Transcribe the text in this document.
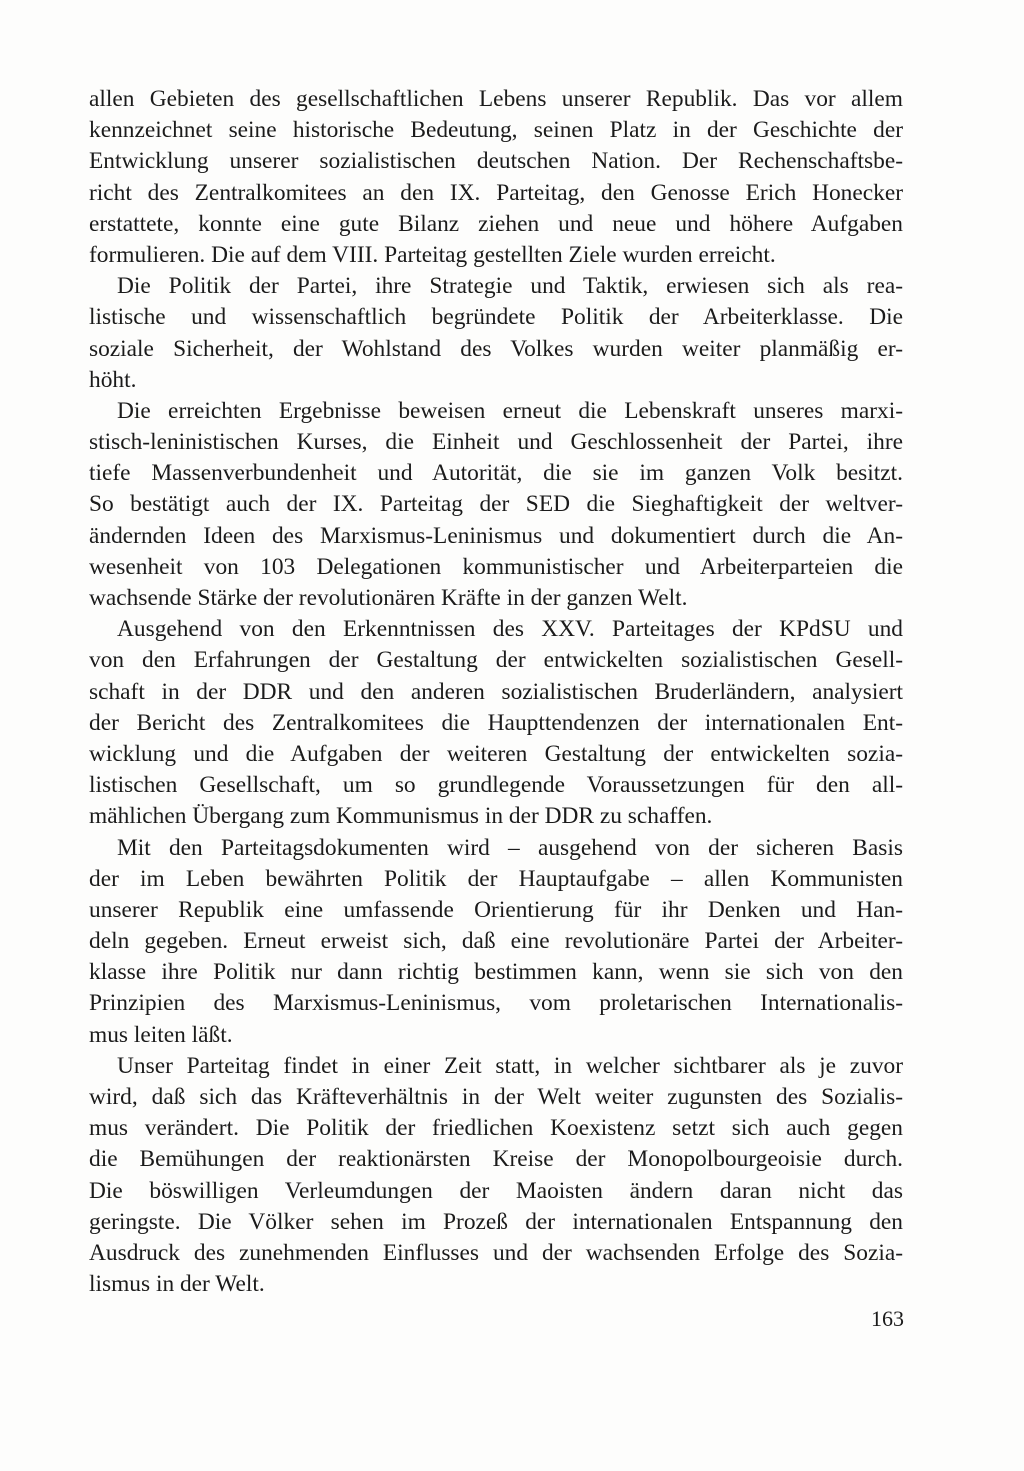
allen Gebieten des gesellschaftlichen Lebens unserer Republik. Das vor allem
kennzeichnet seine historische Bedeutung, seinen Platz in der Geschichte der
Entwicklung unserer sozialistischen deutschen Nation. Der Rechenschaftsbe-
richt des Zentralkomitees an den IX. Parteitag, den Genosse Erich Honecker
erstattete, konnte eine gute Bilanz ziehen und neue und höhere Aufgaben
formulieren. Die auf dem VIII. Parteitag gestellten Ziele wurden erreicht.
Die Politik der Partei, ihre Strategie und Taktik, erwiesen sich als rea-
listische und wissenschaftlich begründete Politik der Arbeiterklasse. Die
soziale Sicherheit, der Wohlstand des Volkes wurden weiter planmäßig er-
höht.
Die erreichten Ergebnisse beweisen erneut die Lebenskraft unseres marxi-
stisch-leninistischen Kurses, die Einheit und Geschlossenheit der Partei, ihre
tiefe Massenverbundenheit und Autorität, die sie im ganzen Volk besitzt.
So bestätigt auch der IX. Parteitag der SED die Sieghaftigkeit der weltver-
ändernden Ideen des Marxismus-Leninismus und dokumentiert durch die An-
wesenheit von 103 Delegationen kommunistischer und Arbeiterparteien die
wachsende Stärke der revolutionären Kräfte in der ganzen Welt.
Ausgehend von den Erkenntnissen des XXV. Parteitages der KPdSU und
von den Erfahrungen der Gestaltung der entwickelten sozialistischen Gesell-
schaft in der DDR und den anderen sozialistischen Bruderländern, analysiert
der Bericht des Zentralkomitees die Haupttendenzen der internationalen Ent-
wicklung und die Aufgaben der weiteren Gestaltung der entwickelten sozia-
listischen Gesellschaft, um so grundlegende Voraussetzungen für den all-
mählichen Übergang zum Kommunismus in der DDR zu schaffen.
Mit den Parteitagsdokumenten wird – ausgehend von der sicheren Basis
der im Leben bewährten Politik der Hauptaufgabe – allen Kommunisten
unserer Republik eine umfassende Orientierung für ihr Denken und Han-
deln gegeben. Erneut erweist sich, daß eine revolutionäre Partei der Arbeiter-
klasse ihre Politik nur dann richtig bestimmen kann, wenn sie sich von den
Prinzipien des Marxismus-Leninismus, vom proletarischen Internationalis-
mus leiten läßt.
Unser Parteitag findet in einer Zeit statt, in welcher sichtbarer als je zuvor
wird, daß sich das Kräfteverhältnis in der Welt weiter zugunsten des Sozialis-
mus verändert. Die Politik der friedlichen Koexistenz setzt sich auch gegen
die Bemühungen der reaktionärsten Kreise der Monopolbourgeoisie durch.
Die böswilligen Verleumdungen der Maoisten ändern daran nicht das
geringste. Die Völker sehen im Prozeß der internationalen Entspannung den
Ausdruck des zunehmenden Einflusses und der wachsenden Erfolge des Sozia-
lismus in der Welt.
163
